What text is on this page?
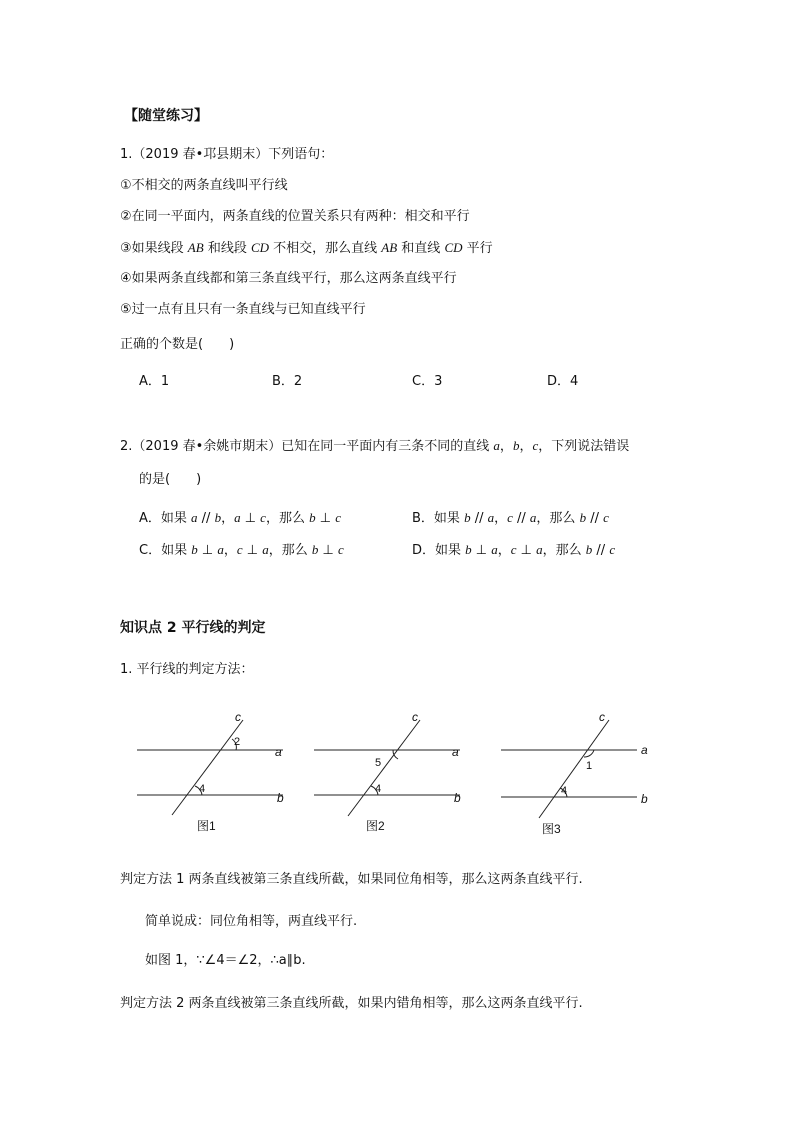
【随堂练习】
1.（2019 春•邛县期末）下列语句：
①不相交的两条直线叫平行线
②在同一平面内，两条直线的位置关系只有两种：相交和平行
③如果线段 AB 和线段 CD 不相交，那么直线 AB 和直线 CD 平行
④如果两条直线都和第三条直线平行，那么这两条直线平行
⑤过一点有且只有一条直线与已知直线平行
正确的个数是(　　)
A．1	B．2	C．3	D．4
2.（2019 春•余姚市期末）已知在同一平面内有三条不同的直线 a，b，c，下列说法错误
的是(　　)
A．如果 a // b，a ⊥ c，那么 b ⊥ c	B．如果 b // a，c // a，那么 b // c
C．如果 b ⊥ a，c ⊥ a，那么 b ⊥ c	D．如果 b ⊥ a，c ⊥ a，那么 b // c
知识点 2 平行线的判定
1. 平行线的判定方法：
c
a
b
2
4
图1
c
a
b
5
4
图2
c
a
b
1
4
图3
判定方法 1 两条直线被第三条直线所截，如果同位角相等，那么这两条直线平行.
简单说成：同位角相等，两直线平行.
如图 1，∵∠4＝∠2，∴a∥b.
判定方法 2 两条直线被第三条直线所截，如果内错角相等，那么这两条直线平行.
